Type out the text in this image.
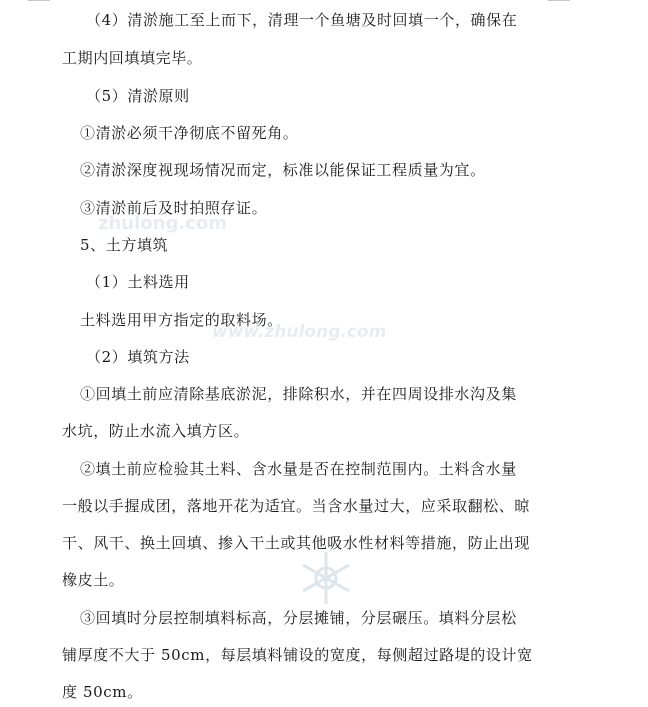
zhulong.com
www.zhulong.com
（4）清淤施工至上而下，清理一个鱼塘及时回填一个，确保在
工期内回填填完毕。
（5）清淤原则
①清淤必须干净彻底不留死角。
②清淤深度视现场情况而定，标准以能保证工程质量为宜。
③清淤前后及时拍照存证。
5、土方填筑
（1）土料选用
土料选用甲方指定的取料场。
（2）填筑方法
①回填土前应清除基底淤泥，排除积水，并在四周设排水沟及集
水坑，防止水流入填方区。
②填土前应检验其土料、含水量是否在控制范围内。土料含水量
一般以手握成团，落地开花为适宜。当含水量过大，应采取翻松、晾
干、风干、换土回填、掺入干土或其他吸水性材料等措施，防止出现
橡皮土。
③回填时分层控制填料标高，分层摊铺，分层碾压。填料分层松
铺厚度不大于 50cm，每层填料铺设的宽度，每侧超过路堤的设计宽
度 50cm。
